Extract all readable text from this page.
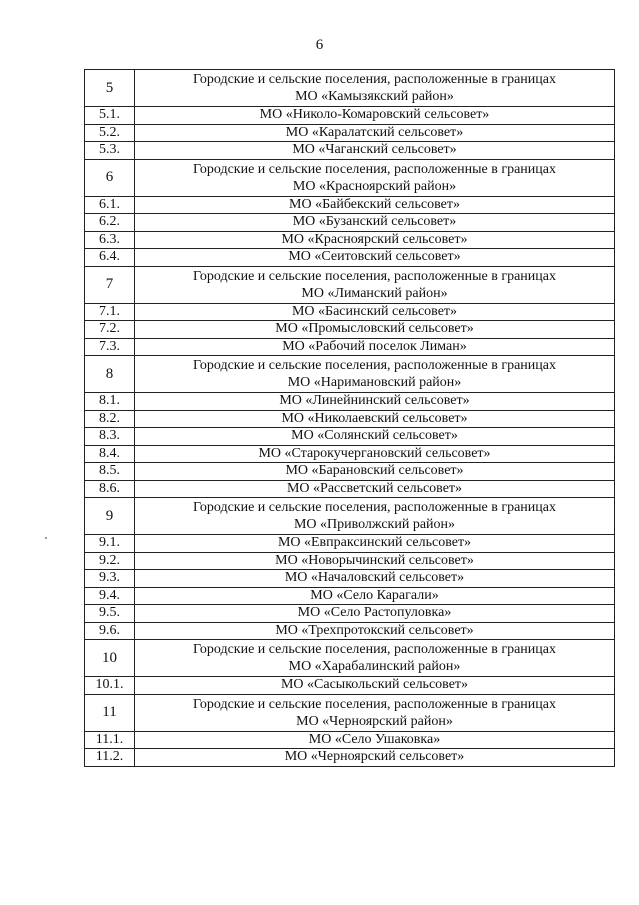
6
5	Городские и сельские поселения, расположенные в границах
МО «Камызякский район»

5.1.	МО «Николо-Комаровский сельсовет»
5.2.	МО «Каралатский сельсовет»
5.3.	МО «Чаганский сельсовет»
6	Городские и сельские поселения, расположенные в границах
МО «Красноярский район»

6.1.	МО «Байбекский сельсовет»
6.2.	МО «Бузанский сельсовет»
6.3.	МО «Красноярский сельсовет»
6.4.	МО «Сеитовский сельсовет»
7	Городские и сельские поселения, расположенные в границах
МО «Лиманский район»

7.1.	МО «Басинский сельсовет»
7.2.	МО «Промысловский сельсовет»
7.3.	МО «Рабочий поселок Лиман»
8	Городские и сельские поселения, расположенные в границах
МО «Наримановский район»

8.1.	МО «Линейнинский сельсовет»
8.2.	МО «Николаевский сельсовет»
8.3.	МО «Солянский сельсовет»
8.4.	МО «Старокучергановский сельсовет»
8.5.	МО «Барановский сельсовет»
8.6.	МО «Рассветский сельсовет»
9	Городские и сельские поселения, расположенные в границах
МО «Приволжский район»

9.1.	МО «Евпраксинский сельсовет»
9.2.	МО «Новорычинский сельсовет»
9.3.	МО «Началовский сельсовет»
9.4.	МО «Село Карагали»
9.5.	МО «Село Растопуловка»
9.6.	МО «Трехпротокский сельсовет»
10	Городские и сельские поселения, расположенные в границах
МО «Харабалинский район»

10.1.	МО «Сасыкольский сельсовет»
11	Городские и сельские поселения, расположенные в границах
МО «Черноярский район»

11.1.	МО «Село Ушаковка»
11.2.	МО «Черноярский сельсовет»
